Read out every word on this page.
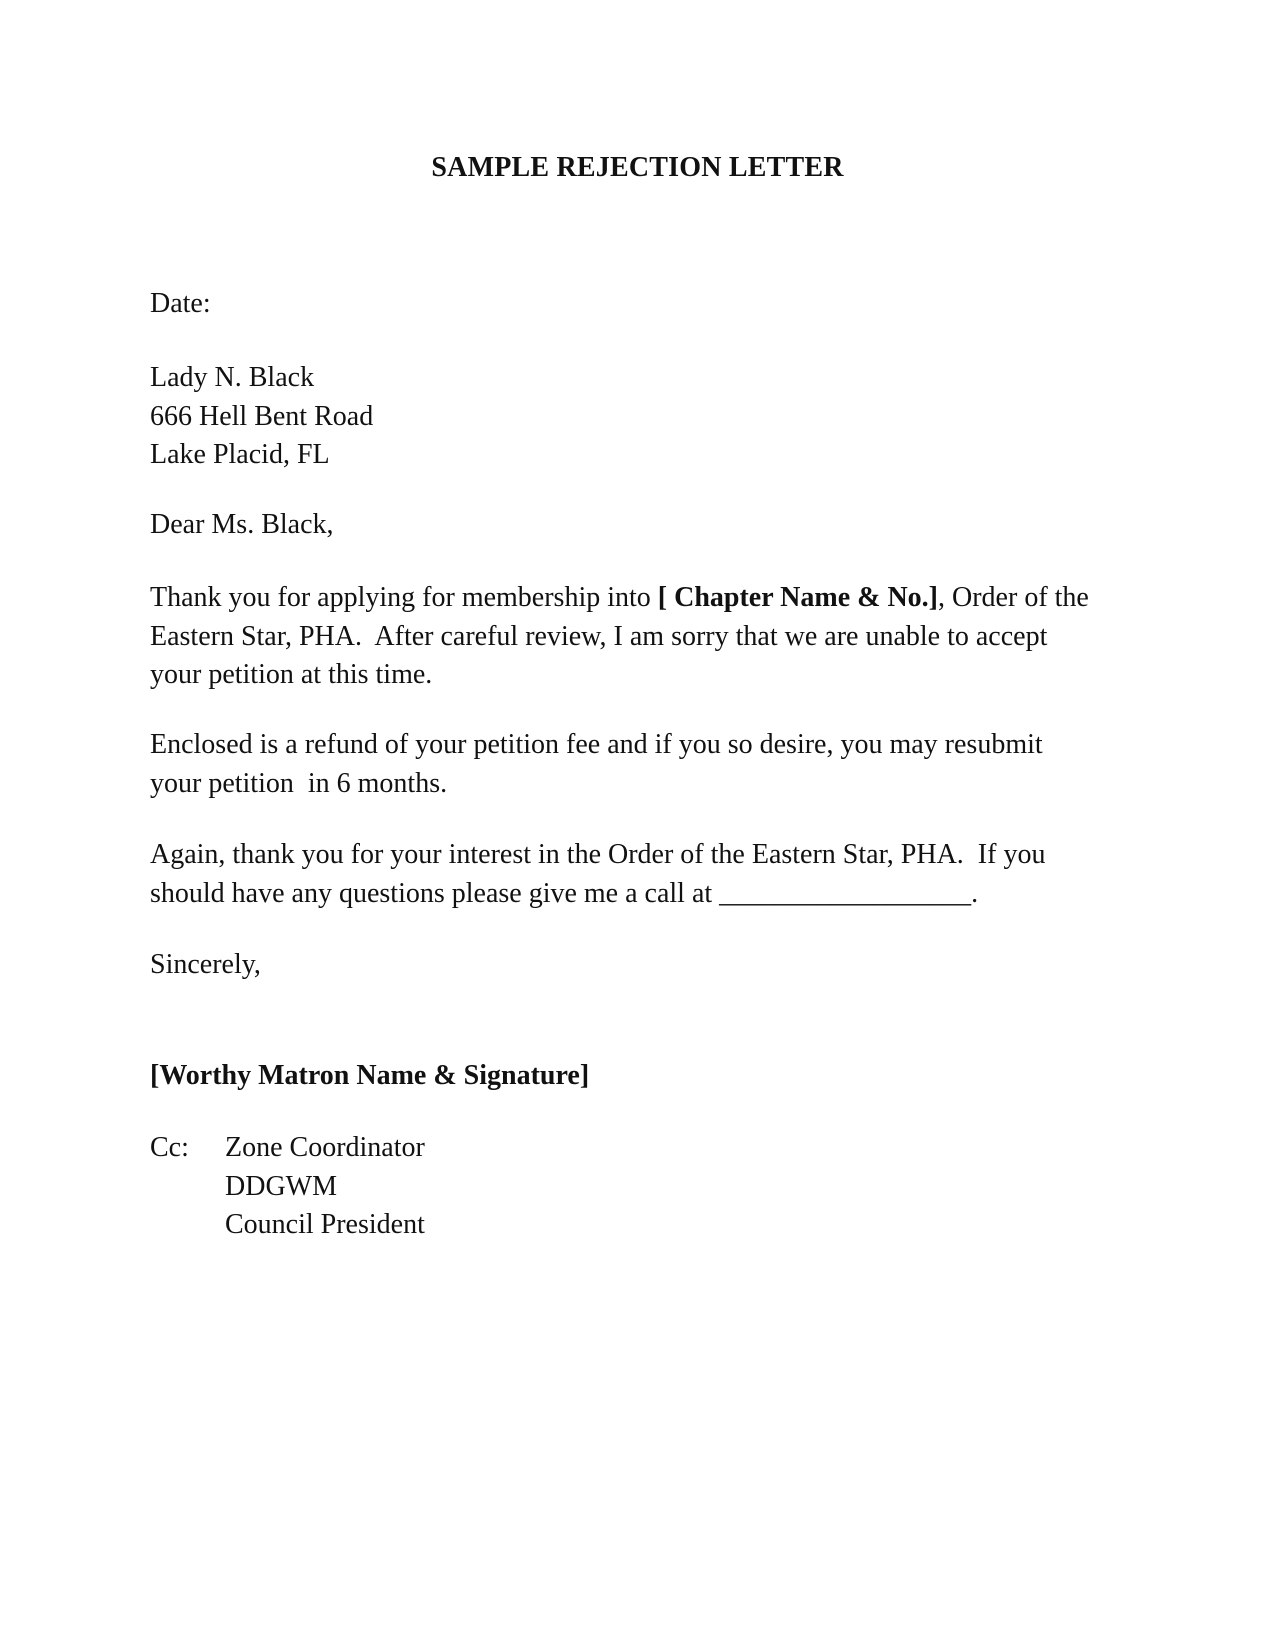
SAMPLE REJECTION LETTER

Date:

Lady N. Black
666 Hell Bent Road
Lake Placid, FL

Dear Ms. Black,

Thank you for applying for membership into [ Chapter Name & No.], Order of the
Eastern Star, PHA.  After careful review, I am sorry that we are unable to accept
your petition at this time.

Enclosed is a refund of your petition fee and if you so desire, you may resubmit
your petition  in 6 months.

Again, thank you for your interest in the Order of the Eastern Star, PHA.  If you
should have any questions please give me a call at __________________.

Sincerely,

[Worthy Matron Name & Signature]

Cc: Zone Coordinator
DDGWM
Council President
